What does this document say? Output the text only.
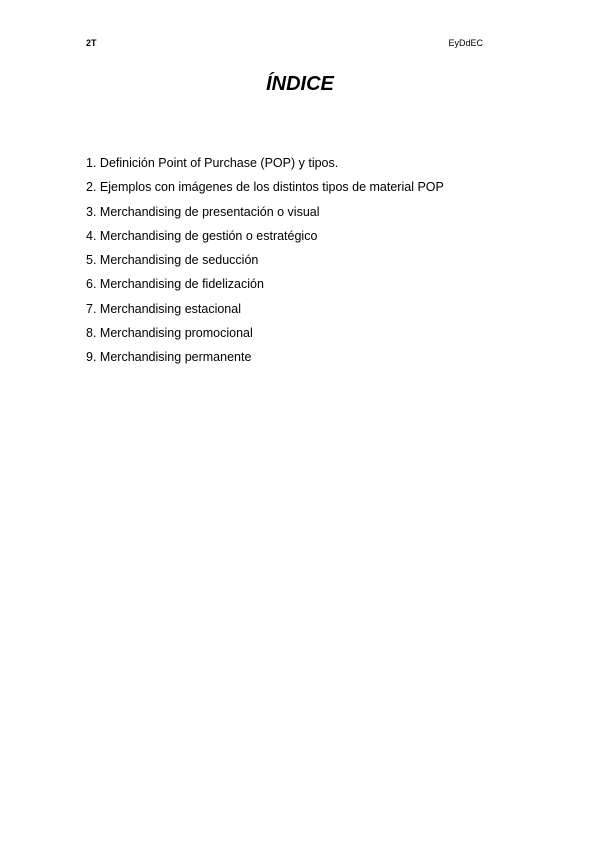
2T	EyDdEC
ÍNDICE
1. Definición Point of Purchase (POP) y tipos.
2. Ejemplos con imágenes de los distintos tipos de material POP
3. Merchandising de presentación o visual
4. Merchandising de gestión o estratégico
5. Merchandising de seducción
6. Merchandising de fidelización
7. Merchandising estacional
8. Merchandising promocional
9. Merchandising permanente
